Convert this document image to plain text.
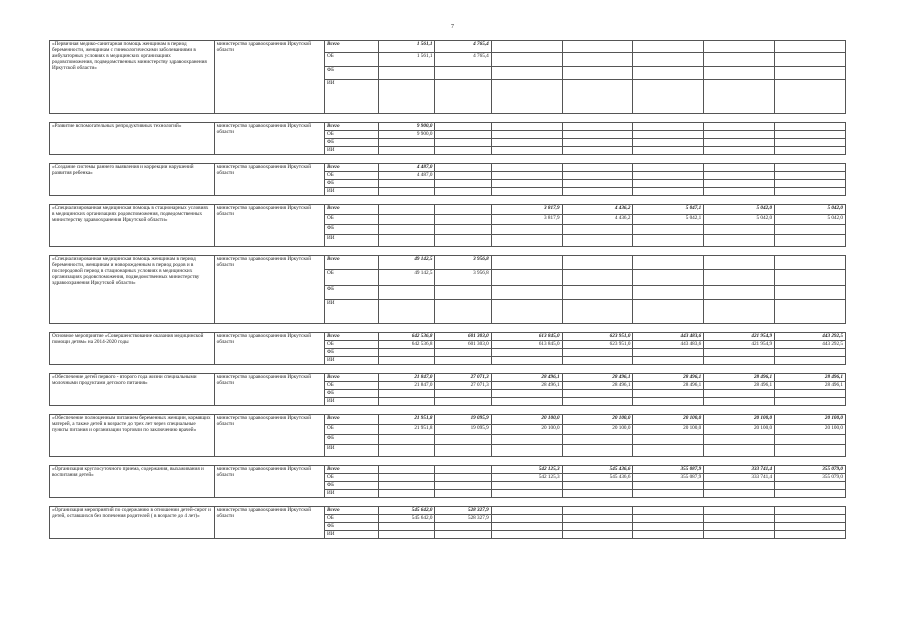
7
«Первичная медико-санитарная помощь женщинам в период беременности, женщинам с гинекологическими заболеваниями в амбулаторных условиях в медицинских организациях родовспоможения, подведомственных министерству здравоохранения Иркутской области»	министерство здравоохранения Иркутской области	Всего	1 561,1	4 765,4					
		ОБ	1 561,1	4 765,4					
		ФБ							
		ИИ							

«Развитие вспомогательных репродуктивных технологий»	министерство здравоохранения Иркутской области	Всего	9 900,0						
		ОБ	9 900,0						
		ФБ							
		ИИ							

«Создание системы раннего выявления и коррекции нарушений развития ребенка»	министерство здравоохранения Иркутской области	Всего	4 487,0						
		ОБ	4 487,0						
		ФБ							
		ИИ							

«Специализированная медицинская помощь в стационарных условиях в медицинских организациях родовспоможения, подведомственных министерству здравоохранения Иркутской области»	министерство здравоохранения Иркутской области	Всего			3 817,9	4 436,2	5 047,1	5 042,0	5 042,0
		ОБ			3 817,9	4 436,2	5 042,1	5 042,0	5 042,0
		ФБ							
		ИИ							

«Специализированная медицинская помощь женщинам в период беременности, женщинам и новорожденным в период родов и в послеродовой период в стационарных условиях в медицинских организациях родовспоможения, подведомственных министерству здравоохранения Иркутской области»	министерство здравоохранения Иркутской области	Всего	49 142,5	3 956,8					
		ОБ	49 142,5	3 956,8					
		ФБ							
		ИИ							

Основное мероприятие «Совершенствование оказания медицинской помощи детям» на 2014-2020 годы	министерство здравоохранения Иркутской области	Всего	642 536,8	601 303,0	613 845,0	623 951,0	443 483,6	421 954,9	443 292,5
		ОБ	642 536,8	601 303,0	613 845,0	623 951,0	443 483,6	421 954,9	443 292,5
		ФБ							
		ИИ							

«Обеспечение детей первого - второго года жизни специальными молочными продуктами детского питания»	министерство здравоохранения Иркутской области	Всего	21 847,0	27 071,3	28 496,1	28 496,1	28 496,1	28 496,1	28 496,1
		ОБ	21 847,0	27 071,3	28 496,1	28 496,1	28 496,1	28 496,1	28 496,1
		ФБ							
		ИИ							

«Обеспечение полноценным питанием беременных женщин, кормящих матерей, а также детей в возрасте до трех лет через специальные пункты питания и организации торговли по заключению врачей»	министерство здравоохранения Иркутской области	Всего	21 951,8	19 095,9	20 100,0	20 100,0	20 100,0	20 100,0	20 100,0
		ОБ	21 951,8	19 095,9	20 100,0	20 100,0	20 100,0	20 100,0	20 100,0
		ФБ							
		ИИ							

«Организация круглосуточного приема, содержания, выхаживания и воспитания детей»	министерство здравоохранения Иркутской области	Всего			542 125,3	545 436,6	355 087,9	333 741,4	355 079,0
		ОБ			542 125,3	545 436,6	355 087,9	333 741,4	355 079,0
		ФБ							
		ИИ							

«Организация мероприятий по содержанию в отношении детей-сирот и детей, оставшихся без попечения родителей ( в возрасте до 4 лет)»	министерство здравоохранения Иркутской области	Всего	545 642,0	528 327,9					
		ОБ	545 642,0	528 327,9					
		ФБ							
		ИИ							
